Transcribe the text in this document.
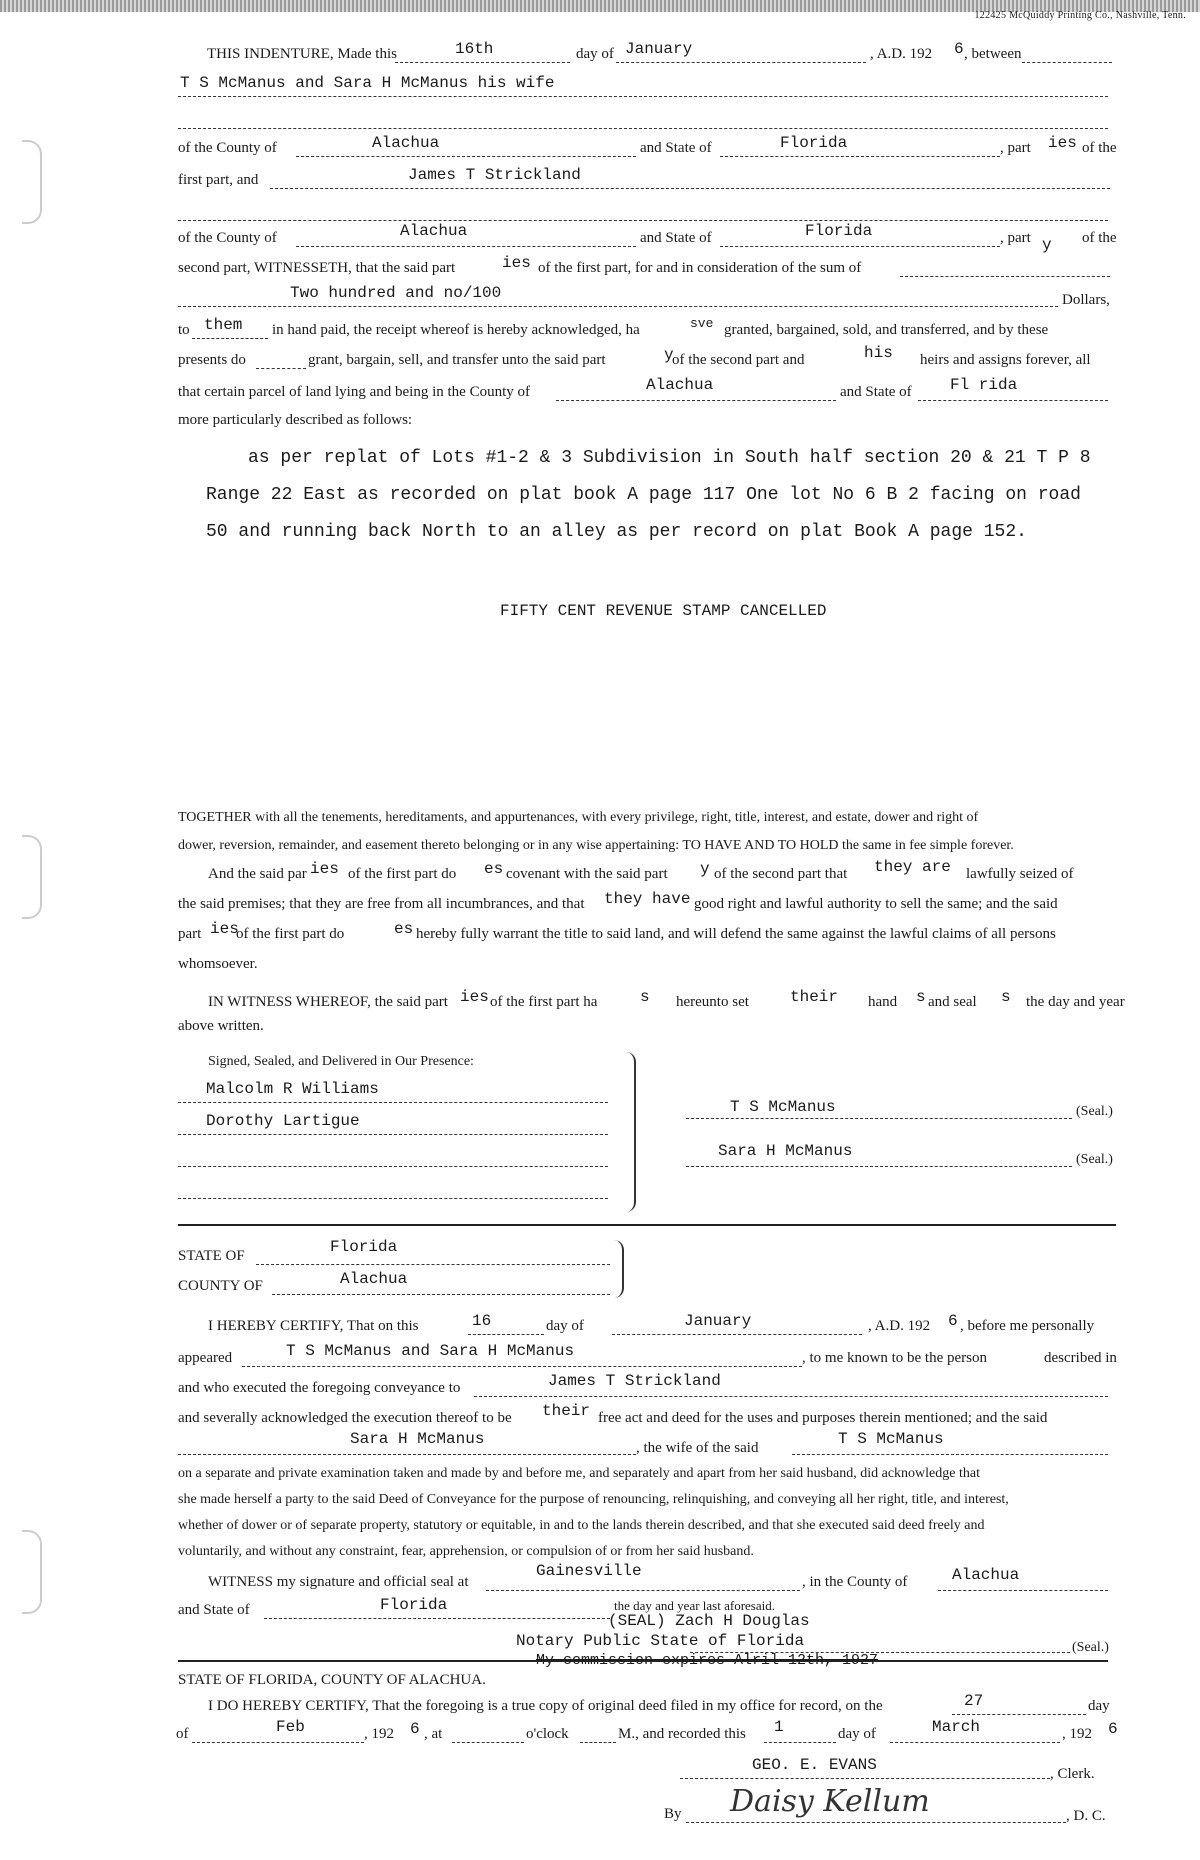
122425 McQuiddy Printing Co., Nashville, Tenn.
THIS INDENTURE, Made this	16th	day of January	, A.D. 192 6 , between
T S McManus and Sara H McManus his wife
of the County of	Alachua	and State of	Florida	, part ies of the
first part, and	James T Strickland
of the County of	Alachua	and State of	Florida	, part y of the
second part, WITNESSETH, that the said part	ies of the first part, for and in consideration of the sum of
Two hundred and no/100	Dollars,
to them in hand paid, the receipt whereof is hereby acknowledged, ha	sve granted, bargained, sold, and transferred, and by these
presents do	grant, bargain, sell, and transfer unto the said part	y
of the second part and	his heirs and assigns forever, all
that certain parcel of land lying and being in the County of	Alachua	and State of Fl rida
more particularly described as follows:
as per replat of Lots #1-2 & 3 Subdivision in South half section 20 & 21 T P 8
Range 22 East as recorded on plat book A page 117 One lot No 6 B 2 facing on road
50 and running back North to an alley as per record on plat Book A page 152.
FIFTY CENT REVENUE STAMP CANCELLED
TOGETHER with all the tenements, hereditaments, and appurtenances, with every privilege, right, title, interest, and estate, dower and right of
dower, reversion, remainder, and easement thereto belonging or in any wise appertaining: TO HAVE AND TO HOLD the same in fee simple forever.
And the said par ies of the first part do es covenant with the said part y of the second part that they are lawfully seized of
the said premises; that they are free from all incumbrances, and that they have good right and lawful authority to sell the same; and the said
part ies
of the first part do	es hereby fully warrant the title to said land, and will defend the same against the lawful claims of all persons
whomsoever.
IN WITNESS WHEREOF, the said part ies of the first part ha	s hereunto set	their hand s and seal s the day and year
above written.
Signed, Sealed, and Delivered in Our Presence:
Malcolm R Williams
Dorothy Lartigue
T S McManus	(Seal.)
Sara H McManus	(Seal.)
STATE OF	Florida
COUNTY OF	Alachua
I HEREBY CERTIFY, That on this	16	day of	January	, A.D. 192 6 , before me personally
appeared	T S McManus and Sara H McManus	, to me known to be the person	described in
and who executed the foregoing conveyance to	James T Strickland
and severally acknowledged the execution thereof to be their free act and deed for the uses and purposes therein mentioned; and the said
Sara H McManus	, the wife of the said	T S McManus
on a separate and private examination taken and made by and before me, and separately and apart from her said husband, did acknowledge that
she made herself a party to the said Deed of Conveyance for the purpose of renouncing, relinquishing, and conveying all her right, title, and interest,
whether of dower or of separate property, statutory or equitable, in and to the lands therein described, and that she executed said deed freely and
voluntarily, and without any constraint, fear, apprehension, or compulsion of or from her said husband.
WITNESS my signature and official seal at
Gainesville
, in the County of	Alachua
and State of	Florida	the day and year last aforesaid.
(SEAL) Zach H Douglas
Notary Public State of Florida	(Seal.)
My commission expires Alril 12th, 1927
STATE OF FLORIDA, COUNTY OF ALACHUA.
I DO HEREBY CERTIFY, That the foregoing is a true copy of original deed filed in my office for record, on the	27	day
of	Feb	, 192 6 , at	o'clock	M., and recorded this 1	day of	March	, 192 6
GEO. E. EVANS	, Clerk.
By Daisy Kellum	, D. C.
